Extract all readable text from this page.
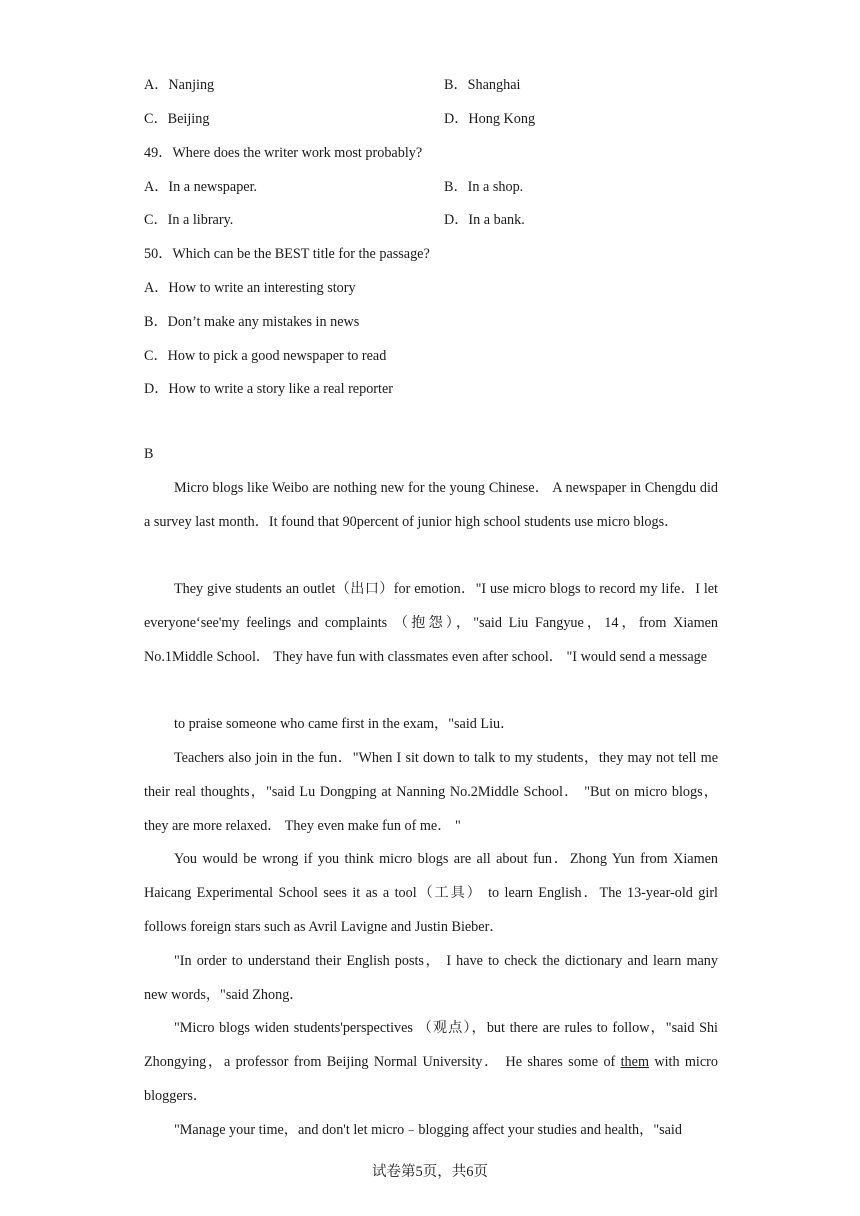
A．Nanjing	B．Shanghai
C．Beijing	D．Hong Kong
49．Where does the writer work most probably?
A．In a newspaper.	B．In a shop.
C．In a library.	D．In a bank.
50．Which can be the BEST title for the passage?
A．How to write an interesting story
B．Don’t make any mistakes in news
C．How to pick a good newspaper to read
D．How to write a story like a real reporter
B
Micro blogs like Weibo are nothing new for the young Chinese． A newspaper in Chengdu did a survey last month．It found that 90percent of junior high school students use micro blogs．
They give students an outlet（出口）for emotion．"I use micro blogs to record my life．I let everyone‘see'my feelings and complaints （抱怨），"said Liu Fangyue，14，from Xiamen No.1Middle School． They have fun with classmates even after school． "I would send a message
to praise someone who came first in the exam，"said Liu．
Teachers also join in the fun．"When I sit down to talk to my students，they may not tell me their real thoughts，"said Lu Dongping at Nanning No.2Middle School． "But on micro blogs，they are more relaxed． They even make fun of me． "
You would be wrong if you think micro blogs are all about fun．Zhong Yun from Xiamen Haicang Experimental School sees it as a tool（工具） to learn English．The 13-year-old girl follows foreign stars such as Avril Lavigne and Justin Bieber．
"In order to understand their English posts， I have to check the dictionary and learn many new words，"said Zhong．
"Micro blogs widen students'perspectives （观点），but there are rules to follow，"said Shi Zhongying，a professor from Beijing Normal University． He shares some of them with micro bloggers．
"Manage your time，and don't let micro﹣blogging affect your studies and health，"said
试卷第5页，共6页
